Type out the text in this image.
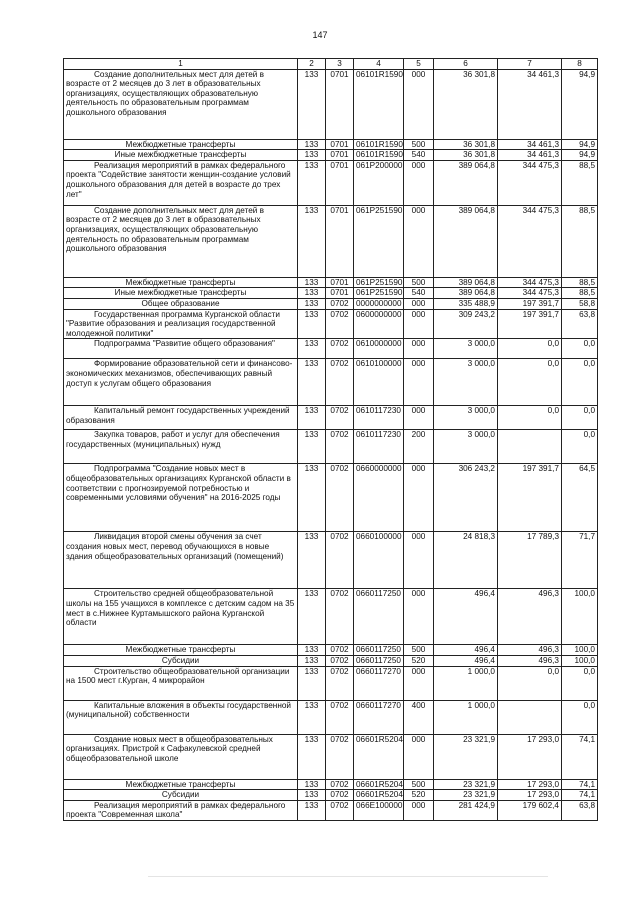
147
1	2	3	4	5	6	7	8
Создание дополнительных мест для детей в возрасте от 2 месяцев до 3 лет в образовательных организациях, осуществляющих образовательную деятельность по образовательным программам дошкольного образования	133	0701	06101R1590	000	36 301,8	34 461,3	94,9
Межбюджетные трансферты	133	0701	06101R1590	500	36 301,8	34 461,3	94,9
Иные межбюджетные трансферты	133	0701	06101R1590	540	36 301,8	34 461,3	94,9
Реализация мероприятий в рамках федерального проекта "Содействие занятости женщин-создание условий дошкольного образования для детей в возрасте до трех лет"	133	0701	061P200000	000	389 064,8	344 475,3	88,5
Создание дополнительных мест для детей в возрасте от 2 месяцев до 3 лет в образовательных организациях, осуществляющих образовательную деятельность по образовательным программам дошкольного образования	133	0701	061P251590	000	389 064,8	344 475,3	88,5
Межбюджетные трансферты	133	0701	061P251590	500	389 064,8	344 475,3	88,5
Иные межбюджетные трансферты	133	0701	061P251590	540	389 064,8	344 475,3	88,5
Общее образование	133	0702	0000000000	000	335 488,9	197 391,7	58,8
Государственная программа Курганской области "Развитие образования и реализация государственной молодежной политики"	133	0702	0600000000	000	309 243,2	197 391,7	63,8
Подпрограмма "Развитие общего образования"	133	0702	0610000000	000	3 000,0	0,0	0,0
Формирование образовательной сети и финансово-экономических механизмов, обеспечивающих равный доступ к услугам общего образования	133	0702	0610100000	000	3 000,0	0,0	0,0
Капитальный ремонт государственных учреждений образования	133	0702	0610117230	000	3 000,0	0,0	0,0
Закупка товаров, работ и услуг для обеспечения государственных (муниципальных) нужд	133	0702	0610117230	200	3 000,0		0,0
Подпрограмма "Создание новых мест в общеобразовательных организациях Курганской области в соответствии с прогнозируемой потребностью и современными условиями обучения" на 2016-2025 годы	133	0702	0660000000	000	306 243,2	197 391,7	64,5
Ликвидация второй смены обучения за счет создания новых мест, перевод обучающихся в новые здания общеобразовательных организаций (помещений)	133	0702	0660100000	000	24 818,3	17 789,3	71,7
Строительство средней общеобразовательной школы на 155 учащихся в комплексе с детским садом на 35 мест в с.Нижнее Куртамышского района Курганской области	133	0702	0660117250	000	496,4	496,3	100,0
Межбюджетные трансферты	133	0702	0660117250	500	496,4	496,3	100,0
Субсидии	133	0702	0660117250	520	496,4	496,3	100,0
Строительство общеобразовательной организации на 1500 мест г.Курган, 4 микрорайон	133	0702	0660117270	000	1 000,0	0,0	0,0
Капитальные вложения в объекты государственной (муниципальной) собственности	133	0702	0660117270	400	1 000,0		0,0
Создание новых мест в общеобразовательных организациях. Пристрой к Сафакулевской средней общеобразовательной школе	133	0702	06601R5204	000	23 321,9	17 293,0	74,1
Межбюджетные трансферты	133	0702	06601R5204	500	23 321,9	17 293,0	74,1
Субсидии	133	0702	06601R5204	520	23 321,9	17 293,0	74,1
Реализация мероприятий в рамках федерального проекта "Современная школа"	133	0702	066E100000	000	281 424,9	179 602,4	63,8
